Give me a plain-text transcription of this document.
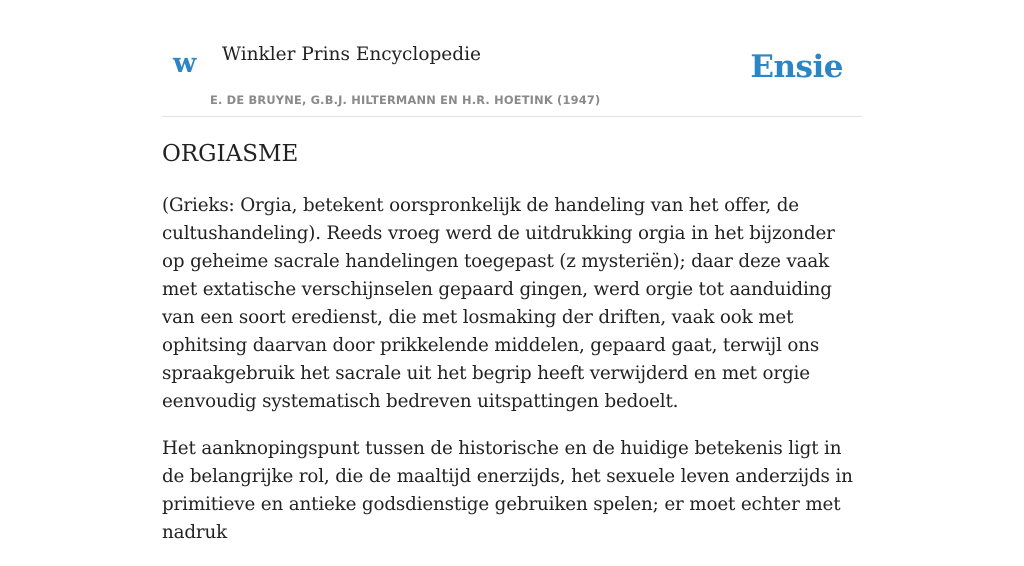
w Winkler Prins Encyclopedie
E. DE BRUYNE, G.B.J. HILTERMANN EN H.R. HOETINK (1947)
Ensie
ORGIASME

(Grieks: Orgia, betekent oorspronkelijk de handeling van het offer, de cultushandeling). Reeds vroeg werd de uitdrukking orgia in het bijzonder op geheime sacrale handelingen toegepast (z mysteriën); daar deze vaak met extatische verschijnselen gepaard gingen, werd orgie tot aanduiding van een soort eredienst, die met losmaking der driften, vaak ook met ophitsing daarvan door prikkelende middelen, gepaard gaat, terwijl ons spraakgebruik het sacrale uit het begrip heeft verwijderd en met orgie eenvoudig systematisch bedreven uitspattingen bedoelt.

Het aanknopingspunt tussen de historische en de huidige betekenis ligt in de belangrijke rol, die de maaltijd enerzijds, het sexuele leven anderzijds in primitieve en antieke godsdienstige gebruiken spelen; er moet echter met nadruk
